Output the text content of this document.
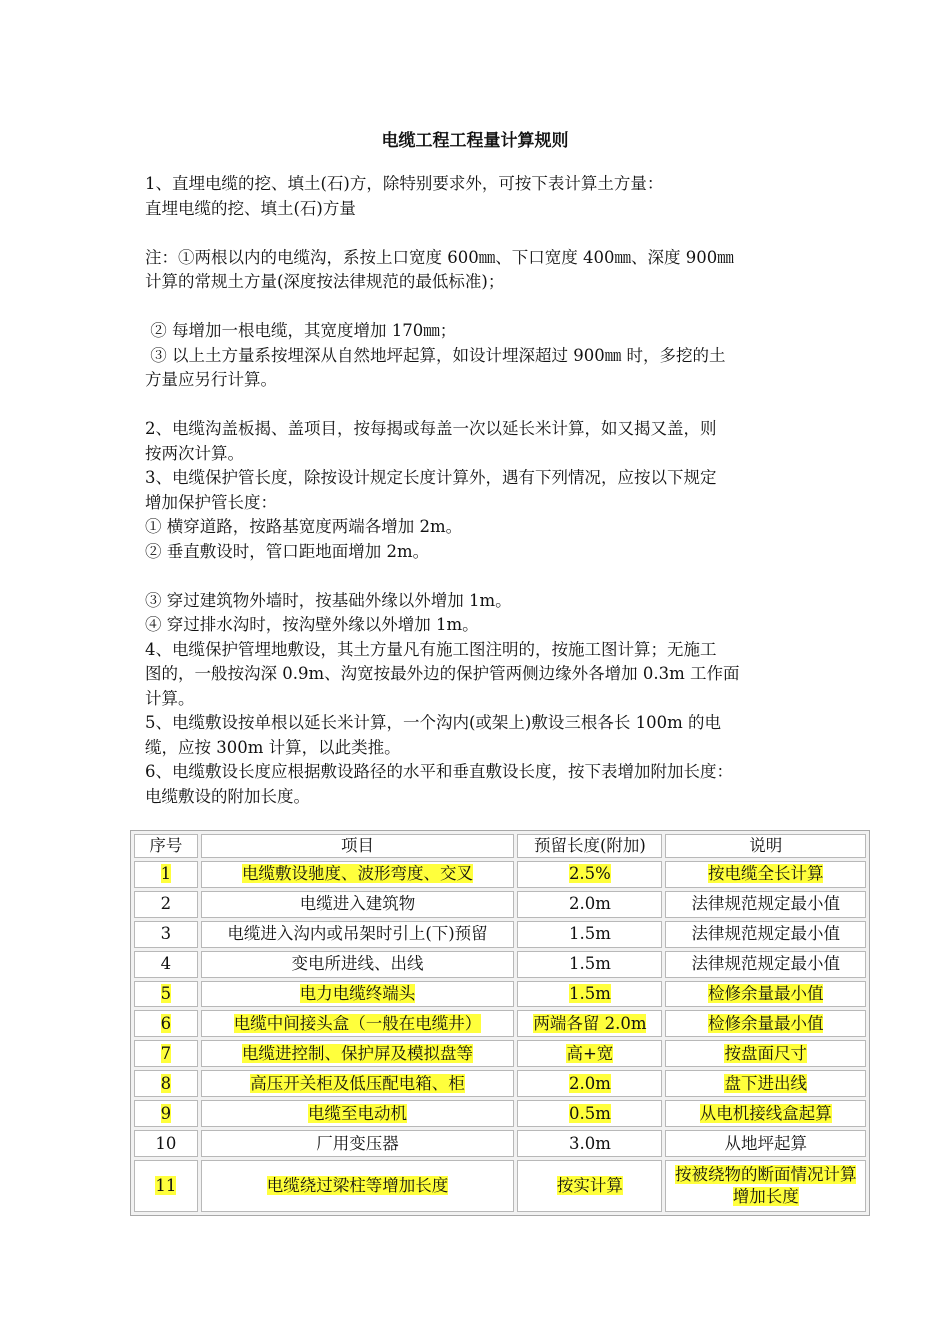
电缆工程工程量计算规则
1、直埋电缆的挖、填土(石)方，除特别要求外，可按下表计算土方量：
直埋电缆的挖、填土(石)方量
注：①两根以内的电缆沟，系按上口宽度 600㎜、下口宽度 400㎜、深度 900㎜
计算的常规土方量(深度按法律规范的最低标准)；
② 每增加一根电缆，其宽度增加 170㎜；
③ 以上土方量系按埋深从自然地坪起算，如设计埋深超过 900㎜ 时，多挖的土
方量应另行计算。
2、电缆沟盖板揭、盖项目，按每揭或每盖一次以延长米计算，如又揭又盖，则
按两次计算。
3、电缆保护管长度，除按设计规定长度计算外，遇有下列情况，应按以下规定
增加保护管长度：
① 横穿道路，按路基宽度两端各增加 2m。
② 垂直敷设时，管口距地面增加 2m。
③ 穿过建筑物外墙时，按基础外缘以外增加 1m。
④ 穿过排水沟时，按沟壁外缘以外增加 1m。
4、电缆保护管埋地敷设，其土方量凡有施工图注明的，按施工图计算；无施工
图的，一般按沟深 0.9m、沟宽按最外边的保护管两侧边缘外各增加 0.3m 工作面
计算。
5、电缆敷设按单根以延长米计算，一个沟内(或架上)敷设三根各长 100m 的电
缆，应按 300m 计算，以此类推。
6、电缆敷设长度应根据敷设路径的水平和垂直敷设长度，按下表增加附加长度：
电缆敷设的附加长度。
序号	项目	预留长度(附加)	说明
1	电缆敷设驰度、波形弯度、交叉	2.5%	按电缆全长计算
2	电缆进入建筑物	2.0m	法律规范规定最小值
3	电缆进入沟内或吊架时引上(下)预留	1.5m	法律规范规定最小值
4	变电所进线、出线	1.5m	法律规范规定最小值
5	电力电缆终端头	1.5m	检修余量最小值
6	电缆中间接头盒（一般在电缆井）	两端各留 2.0m	检修余量最小值
7	电缆进控制、保护屏及模拟盘等	高+宽	按盘面尺寸
8	高压开关柜及低压配电箱、柜	2.0m	盘下进出线
9	电缆至电动机	0.5m	从电机接线盒起算
10	厂用变压器	3.0m	从地坪起算
11	电缆绕过梁柱等增加长度	按实计算	按被绕物的断面情况计算增加长度
